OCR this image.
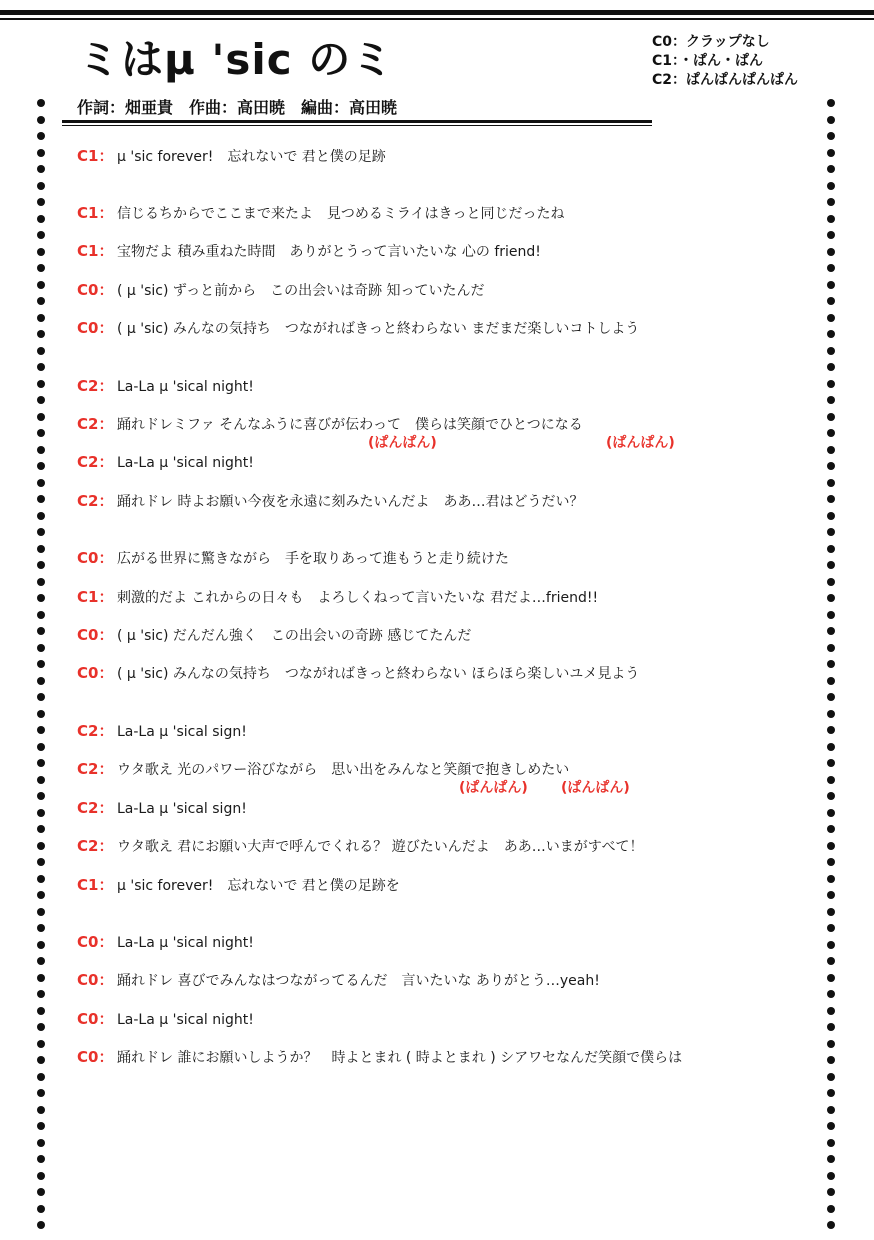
ミはμ 'sic のミ	C0：クラップなし
C1：・ぱん・ぱん
C2：ぱんぱんぱんぱん
作詞：畑亜貴　作曲：高田暁　編曲：高田暁
C1： μ 'sic forever!　忘れないで 君と僕の足跡
C1： 信じるちからでここまで来たよ　見つめるミライはきっと同じだったね
C1： 宝物だよ 積み重ねた時間　ありがとうって言いたいな 心の friend!
C0： ( μ 'sic) ずっと前から　この出会いは奇跡 知っていたんだ
C0： ( μ 'sic) みんなの気持ち　つながればきっと終わらない まだまだ楽しいコトしよう
C2： La-La μ 'sical night!
C2： 踊れドレミファ そんなふうに喜びが伝わって　僕らは笑顔でひとつになる
(ぱんぱん)	(ぱんぱん)
C2： La-La μ 'sical night!
C2： 踊れドレ 時よお願い今夜を永遠に刻みたいんだよ　ああ…君はどうだい？
C0： 広がる世界に驚きながら　手を取りあって進もうと走り続けた
C1： 刺激的だよ これからの日々も　よろしくねって言いたいな 君だよ…friend!!
C0： ( μ 'sic) だんだん強く　この出会いの奇跡 感じてたんだ
C0： ( μ 'sic) みんなの気持ち　つながればきっと終わらない ほらほら楽しいユメ見よう
C2： La-La μ 'sical sign!
C2： ウタ歌え 光のパワー浴びながら　思い出をみんなと笑顔で抱きしめたい
(ぱんぱん) (ぱんぱん)
C2： La-La μ 'sical sign!
C2： ウタ歌え 君にお願い大声で呼んでくれる？ 遊びたいんだよ　ああ…いまがすべて！
C1： μ 'sic forever!　忘れないで 君と僕の足跡を
C0： La-La μ 'sical night!
C0： 踊れドレ 喜びでみんなはつながってるんだ　言いたいな ありがとう…yeah!
C0： La-La μ 'sical night!
C0： 踊れドレ 誰にお願いしようか？　時よとまれ ( 時よとまれ ) シアワセなんだ笑顔で僕らは
